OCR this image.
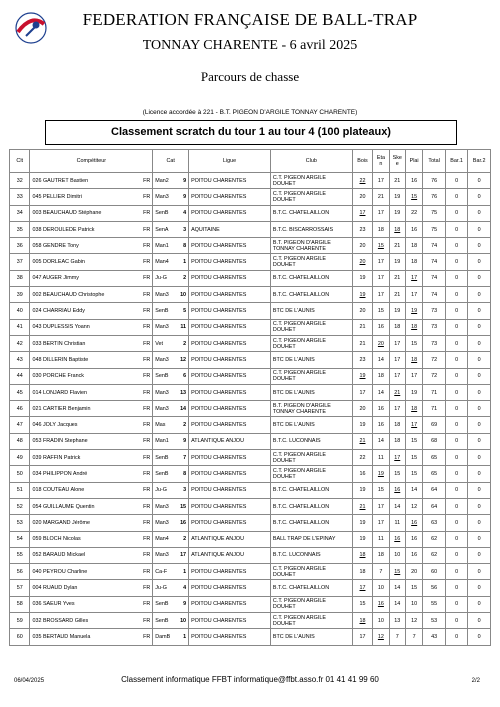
FEDERATION FRANÇAISE DE BALL-TRAP
TONNAY CHARENTE - 6 avril 2025
Parcours de chasse
(Licence accordée à 221 - B.T. PIGEON D'ARGILE TONNAY CHARENTE)
Classement scratch du tour 1 au tour 4 (100 plateaux)
Clt	Compétiteur	Cat	Ligue	Club	Bois	Eta n	Ske e	Plai	Total	Bar.1	Bar.2
32	026 GAUTRET Bastien FR	Man2 9	POITOU CHARENTES	C.T. PIGEON ARGILE DOUHET	22	17	21	16	76	0	0
33	045 PELLIER Dimitri FR	Man3 9	POITOU CHARENTES	C.T. PIGEON ARGILE DOUHET	20	21	19	15	76	0	0
34	003 BEAUCHAUD Stéphane FR	SenB 4	POITOU CHARENTES	B.T.C. CHATELAILLON	17	17	19	22	75	0	0
35	038 DEROULEDE Patrick FR	SenA 3	AQUITAINE	B.T.C. BISCARROSSAIS	23	18	18	16	75	0	0
36	058 GENDRE Tony FR	Man1 8	POITOU CHARENTES	B.T. PIGEON D'ARGILE TONNAY CHARENTE	20	15	21	18	74	0	0
37	005 DORLEAC Gabin FR	Man4 1	POITOU CHARENTES	C.T. PIGEON ARGILE DOUHET	20	17	19	18	74	0	0
38	047 AUGER Jimmy FR	Ju-G 2	POITOU CHARENTES	B.T.C. CHATELAILLON	19	17	21	17	74	0	0
39	002 BEAUCHAUD Christophe FR	Man3 10	POITOU CHARENTES	B.T.C. CHATELAILLON	19	17	21	17	74	0	0
40	024 CHARRIAU Eddy FR	SenB 5	POITOU CHARENTES	BTC DE L'AUNIS	20	15	19	19	73	0	0
41	043 DUPLESSIS Yoann FR	Man3 11	POITOU CHARENTES	C.T. PIGEON ARGILE DOUHET	21	16	18	18	73	0	0
42	033 BERTIN Christian FR	Vet 2	POITOU CHARENTES	C.T. PIGEON ARGILE DOUHET	21	20	17	15	73	0	0
43	048 DILLERIN Baptiste FR	Man3 12	POITOU CHARENTES	BTC DE L'AUNIS	23	14	17	18	72	0	0
44	030 PORCHE Franck FR	SenB 6	POITOU CHARENTES	C.T. PIGEON ARGILE DOUHET	19	18	17	17	72	0	0
45	014 LONJARD Flavien FR	Man3 13	POITOU CHARENTES	BTC DE L'AUNIS	17	14	21	19	71	0	0
46	021 CARTIER Benjamin FR	Man3 14	POITOU CHARENTES	B.T. PIGEON D'ARGILE TONNAY CHARENTE	20	16	17	18	71	0	0
47	046 JOLY Jacques FR	Mas 2	POITOU CHARENTES	BTC DE L'AUNIS	19	16	18	17	69	0	0
48	053 FRADIN Stephane FR	Man1 9	ATLANTIQUE ANJOU	B.T.C. LUCONNAIS	21	14	18	15	68	0	0
49	039 RAFFIN Patrick FR	SenB 7	POITOU CHARENTES	C.T. PIGEON ARGILE DOUHET	22	11	17	15	65	0	0
50	034 PHILIPPON André FR	SenB 8	POITOU CHARENTES	C.T. PIGEON ARGILE DOUHET	16	19	15	15	65	0	0
51	018 COUTEAU Alone FR	Ju-G 3	POITOU CHARENTES	B.T.C. CHATELAILLON	19	15	16	14	64	0	0
52	054 GUILLAUME Quentin FR	Man3 15	POITOU CHARENTES	B.T.C. CHATELAILLON	21	17	14	12	64	0	0
53	020 MARGAND Jérôme FR	Man3 16	POITOU CHARENTES	B.T.C. CHATELAILLON	19	17	11	16	63	0	0
54	059 BLOCH Nicolas FR	Man4 2	ATLANTIQUE ANJOU	BALL TRAP DE L'EPINAY	19	11	16	16	62	0	0
55	052 BARAUD Mickael FR	Man3 17	ATLANTIQUE ANJOU	B.T.C. LUCONNAIS	18	18	10	16	62	0	0
56	040 PEYROU Charline FR	Ca-F 1	POITOU CHARENTES	C.T. PIGEON ARGILE DOUHET	18	7	15	20	60	0	0
57	004 RUAUD Dylan FR	Ju-G 4	POITOU CHARENTES	B.T.C. CHATELAILLON	17	10	14	15	56	0	0
58	036 SAEUR Yves FR	SenB 9	POITOU CHARENTES	C.T. PIGEON ARGILE DOUHET	15	16	14	10	55	0	0
59	032 BROSSARD Gilles FR	SenB 10	POITOU CHARENTES	C.T. PIGEON ARGILE DOUHET	18	10	13	12	53	0	0
60	035 BERTAUD Manuela FR	DamB 1	POITOU CHARENTES	BTC DE L'AUNIS	17	12	7	7	43	0	0
06/04/2025	Classement informatique FFBT informatique@ffbt.asso.fr 01 41 41 99 60	2/2
